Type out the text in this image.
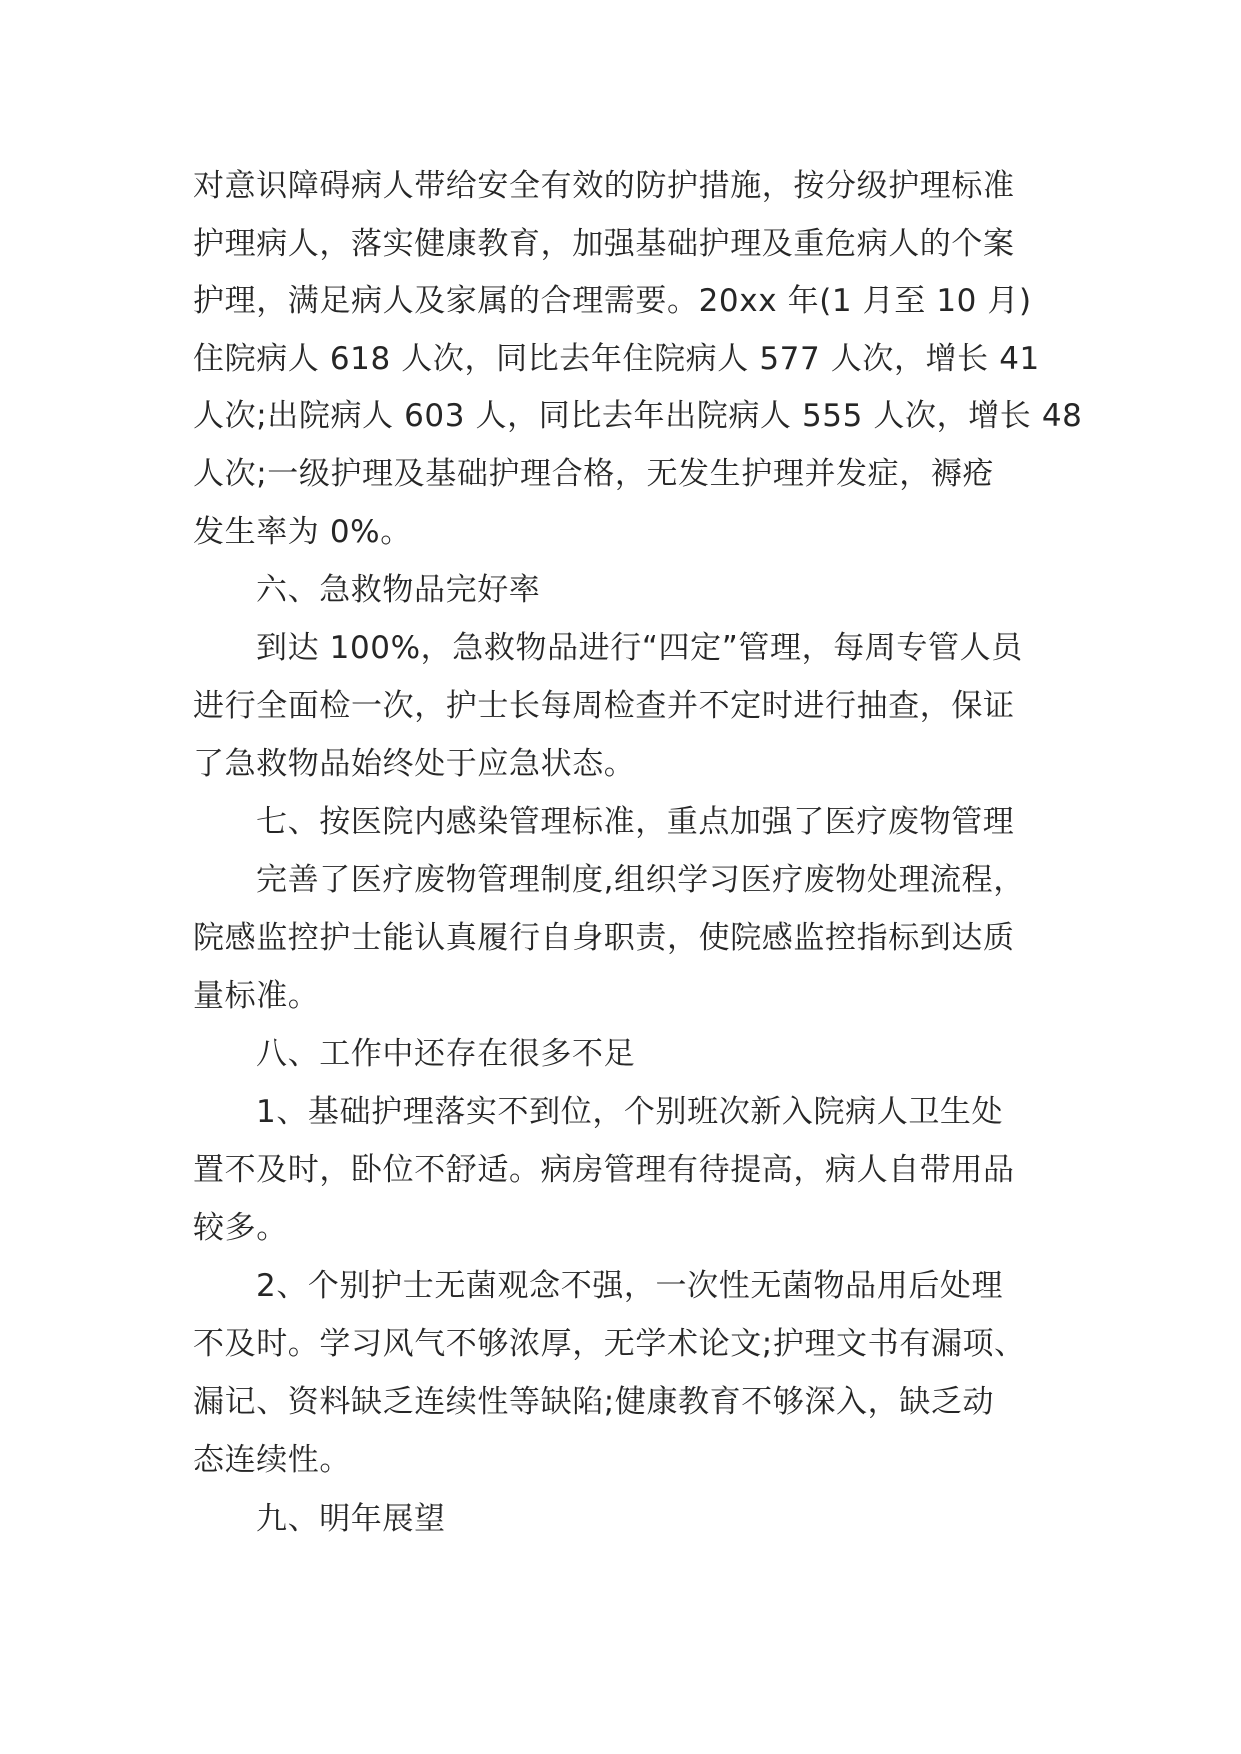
对意识障碍病人带给安全有效的防护措施，按分级护理标准
护理病人，落实健康教育，加强基础护理及重危病人的个案
护理，满足病人及家属的合理需要。20xx 年(1 月至 10 月)
住院病人 618 人次，同比去年住院病人 577 人次，增长 41
人次;出院病人 603 人，同比去年出院病人 555 人次，增长 48
人次;一级护理及基础护理合格，无发生护理并发症，褥疮
发生率为 0%。
六、急救物品完好率
到达 100%，急救物品进行“四定”管理，每周专管人员
进行全面检一次，护士长每周检查并不定时进行抽查，保证
了急救物品始终处于应急状态。
七、按医院内感染管理标准，重点加强了医疗废物管理
完善了医疗废物管理制度,组织学习医疗废物处理流程，
院感监控护士能认真履行自身职责，使院感监控指标到达质
量标准。
八、工作中还存在很多不足
1、基础护理落实不到位，个别班次新入院病人卫生处
置不及时，卧位不舒适。病房管理有待提高，病人自带用品
较多。
2、个别护士无菌观念不强，一次性无菌物品用后处理
不及时。学习风气不够浓厚，无学术论文;护理文书有漏项、
漏记、资料缺乏连续性等缺陷;健康教育不够深入，缺乏动
态连续性。
九、明年展望
